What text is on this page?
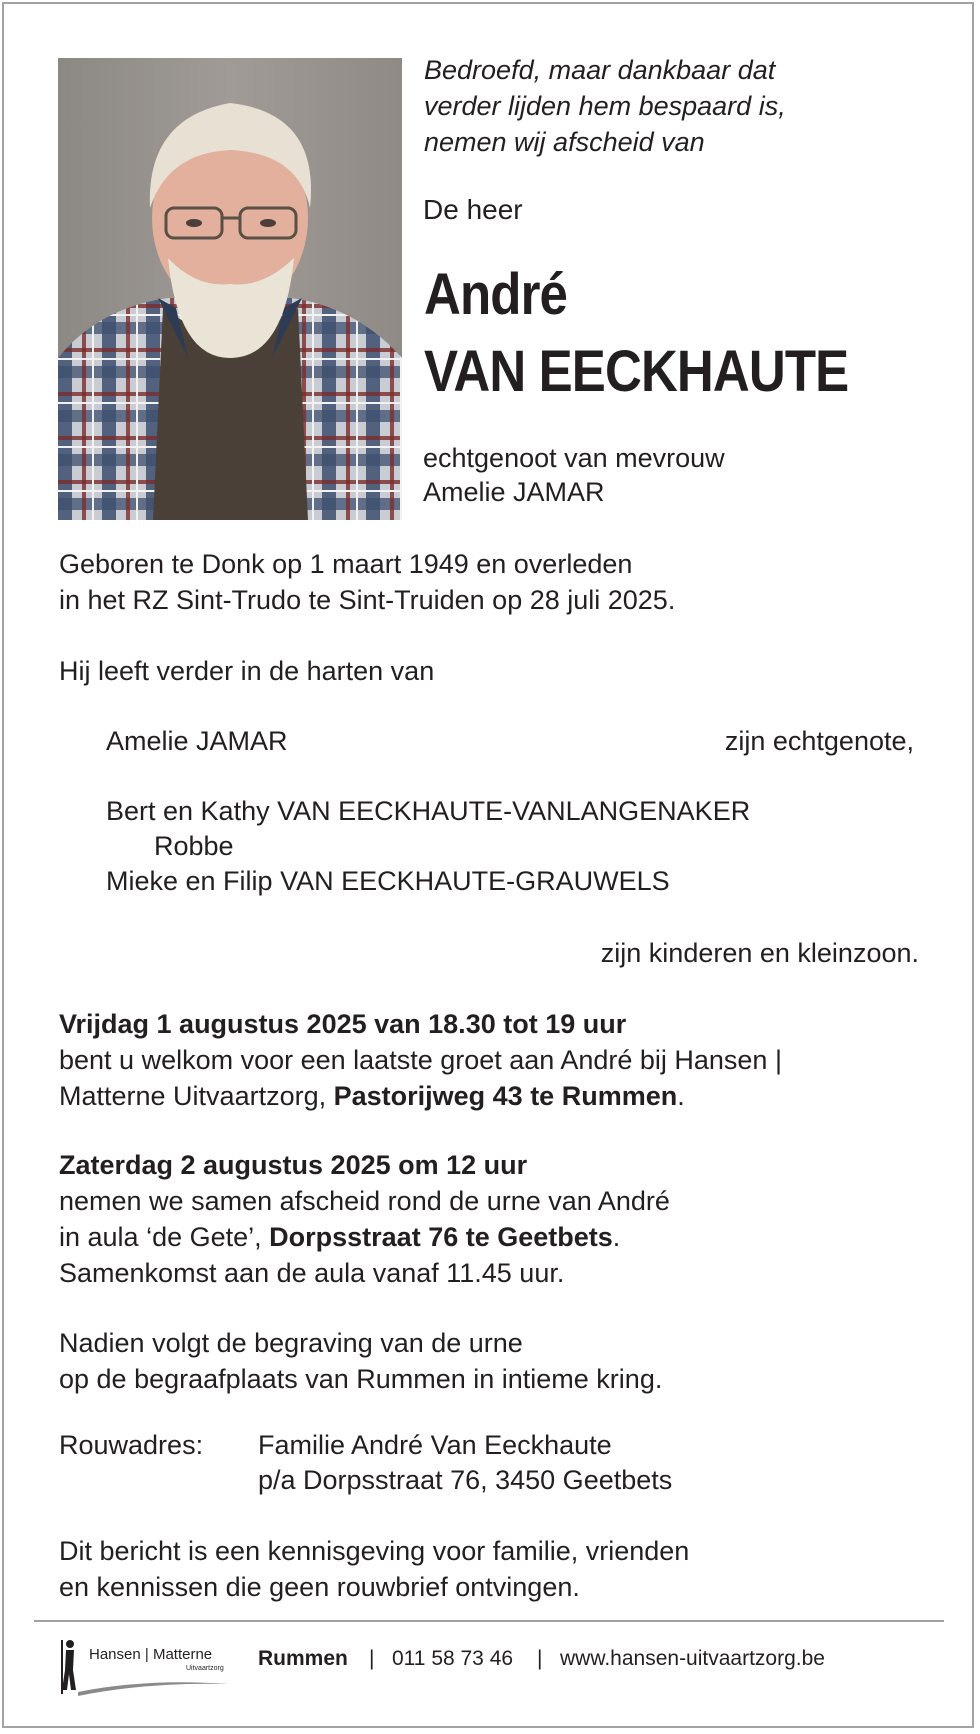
Bedroefd, maar dankbaar dat
verder lijden hem bespaard is,
nemen wij afscheid van
De heer
André
VAN EECKHAUTE
echtgenoot van mevrouw
Amelie JAMAR
Geboren te Donk op 1 maart 1949 en overleden
in het RZ Sint-Trudo te Sint-Truiden op 28 juli 2025.
Hij leeft verder in de harten van
Amelie JAMAR	zijn echtgenote,
Bert en Kathy VAN EECKHAUTE-VANLANGENAKER
Robbe
Mieke en Filip VAN EECKHAUTE-GRAUWELS
zijn kinderen en kleinzoon.
Vrijdag 1 augustus 2025 van 18.30 tot 19 uur
bent u welkom voor een laatste groet aan André bij Hansen |
Matterne Uitvaartzorg, Pastorijweg 43 te Rummen.
Zaterdag 2 augustus 2025 om 12 uur
nemen we samen afscheid rond de urne van André
in aula ‘de Gete’, Dorpsstraat 76 te Geetbets.
Samenkomst aan de aula vanaf 11.45 uur.
Nadien volgt de begraving van de urne
op de begraafplaats van Rummen in intieme kring.
Rouwadres: Familie André Van Eeckhaute
p/a Dorpsstraat 76, 3450 Geetbets
Dit bericht is een kennisgeving voor familie, vrienden
en kennissen die geen rouwbrief ontvingen.
Hansen | Matterne
Uitvaartzorg Rummen | 011 58 73 46 | www.hansen-uitvaartzorg.be
